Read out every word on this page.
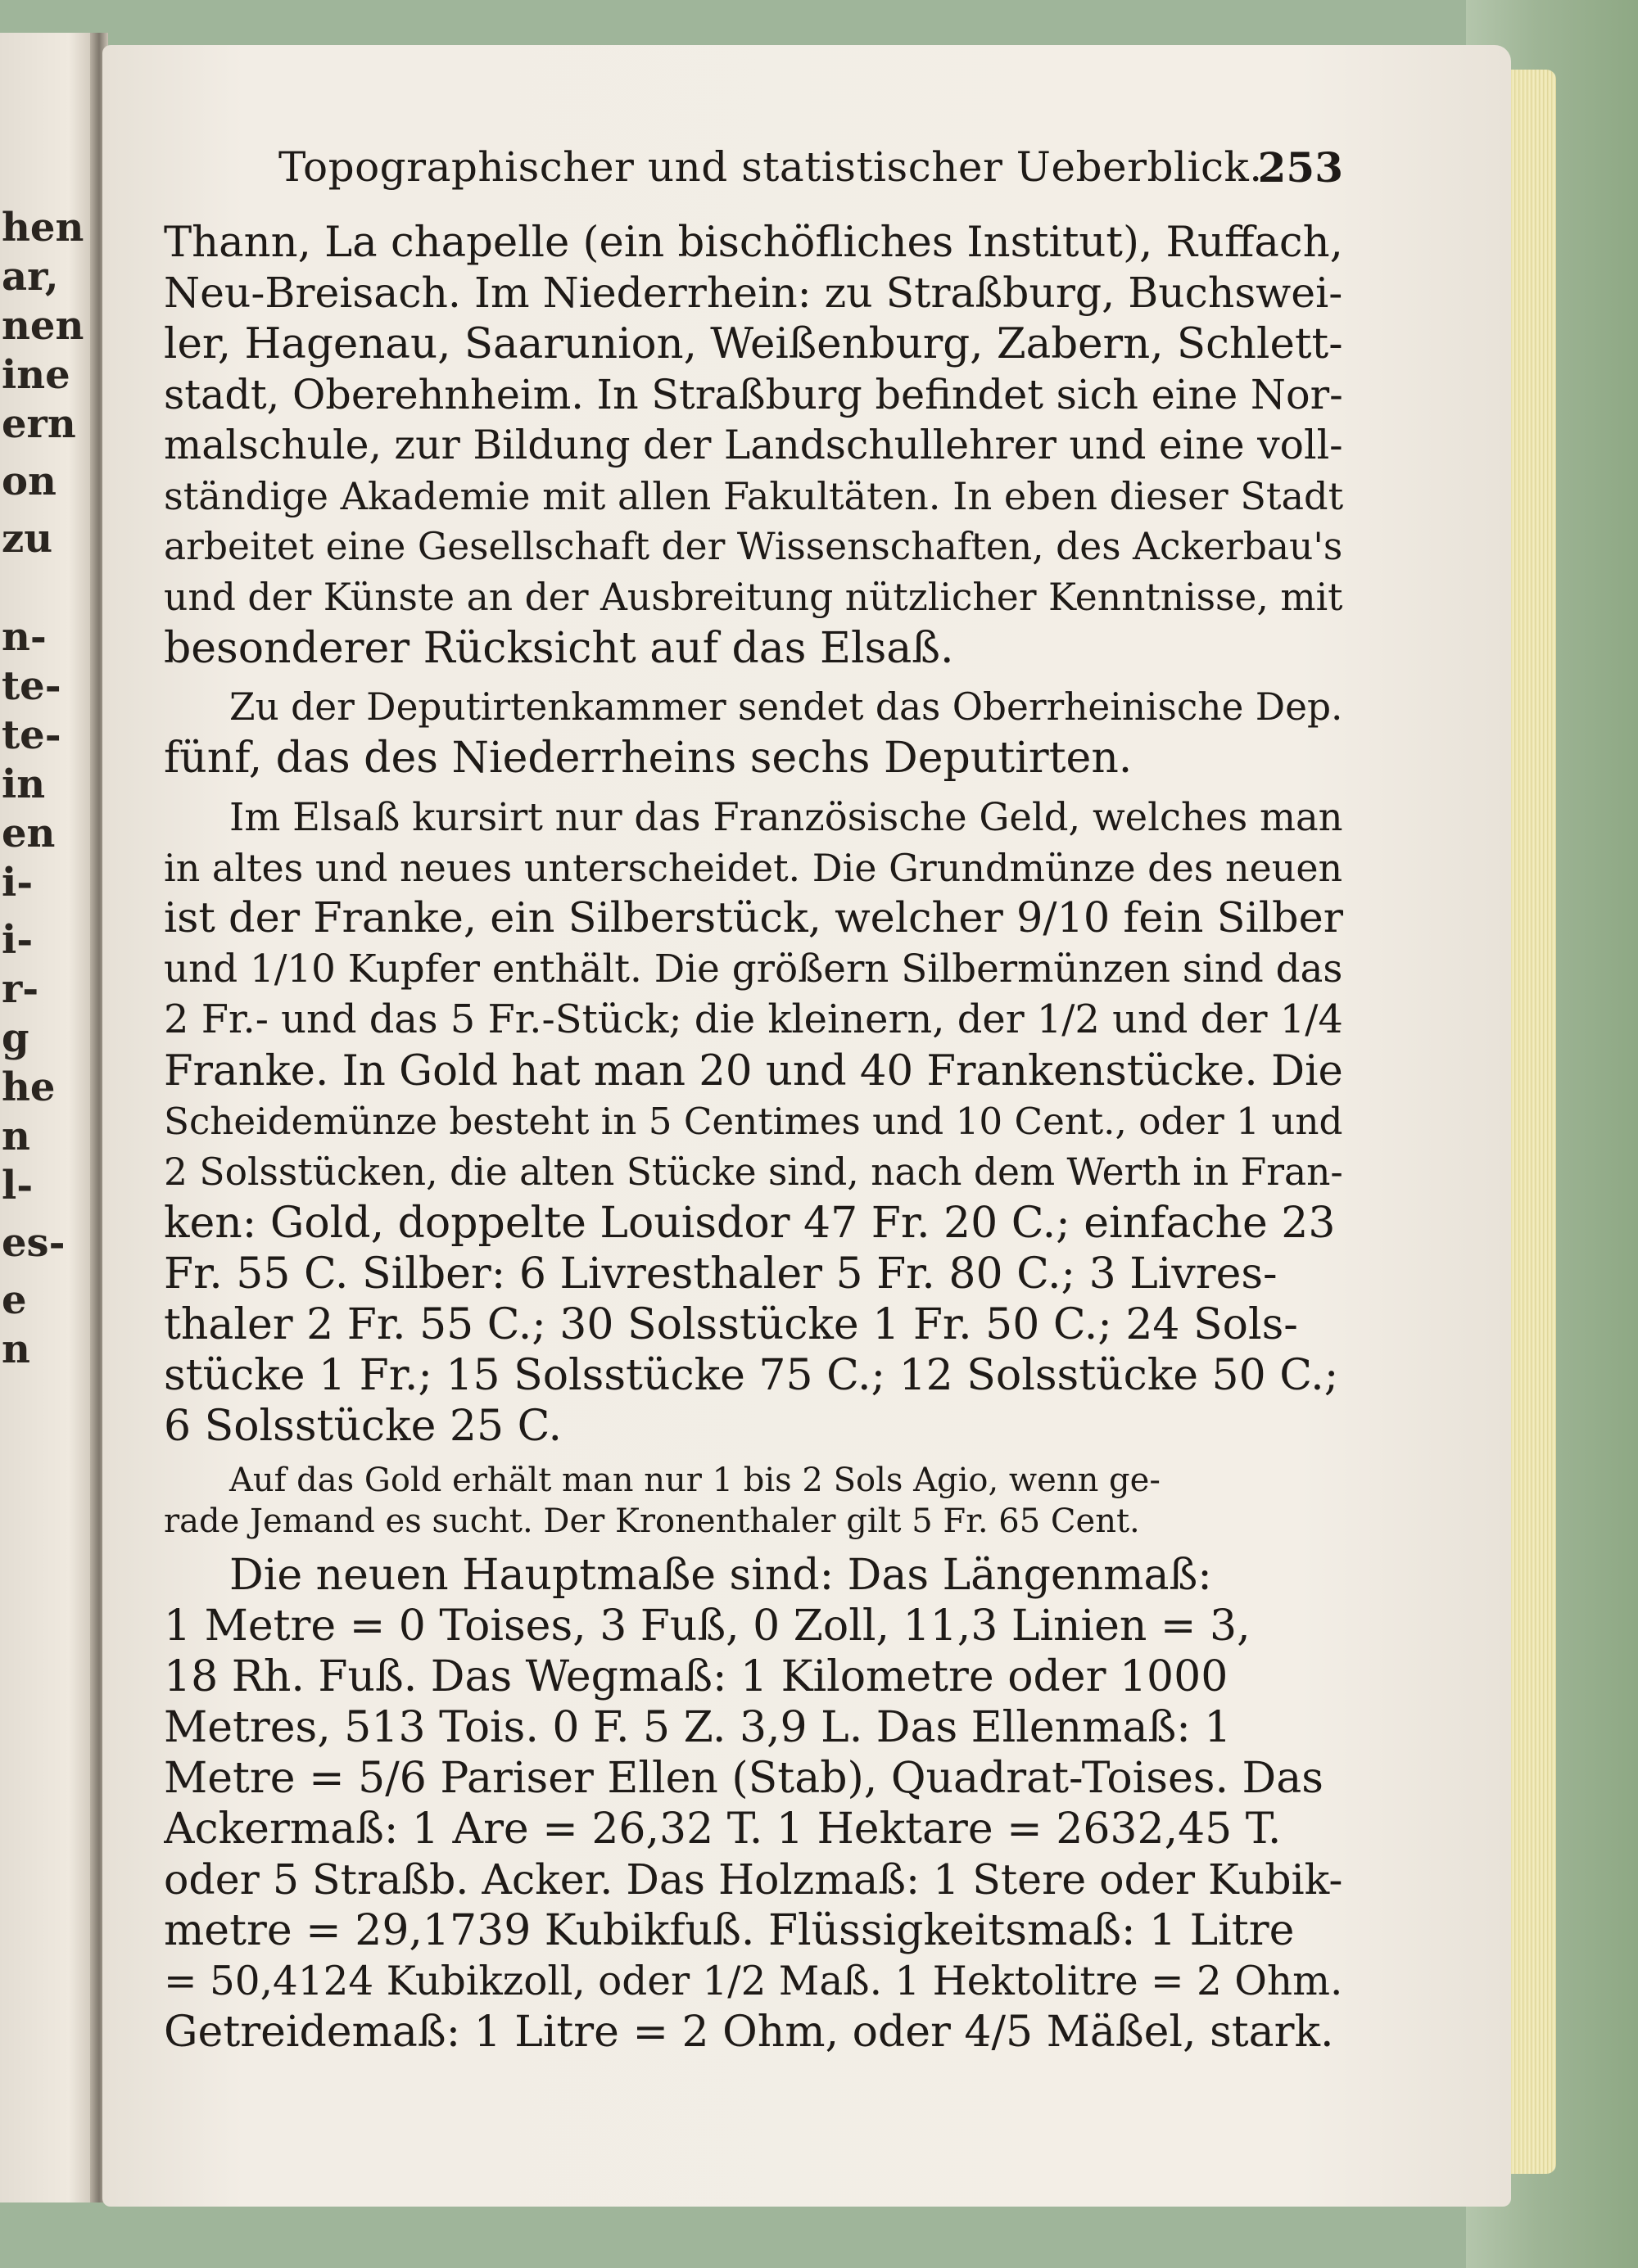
hen
ar,
nen
ine
ern
on
zu
n-
te-
te-
in
en
i-
i-
r-
g
he
n
l-
es-
e
n
Topographischer und statistischer Ueberblick.
253
Thann, La chapelle (ein bischöfliches Institut), Ruffach,
Neu-Breisach. Im Niederrhein: zu Straßburg, Buchswei-
ler, Hagenau, Saarunion, Weißenburg, Zabern, Schlett-
stadt, Oberehnheim. In Straßburg befindet sich eine Nor-
malschule, zur Bildung der Landschullehrer und eine voll-
ständige Akademie mit allen Fakultäten. In eben dieser Stadt
arbeitet eine Gesellschaft der Wissenschaften, des Ackerbau's
und der Künste an der Ausbreitung nützlicher Kenntnisse, mit
besonderer Rücksicht auf das Elsaß.
Zu der Deputirtenkammer sendet das Oberrheinische Dep.
fünf, das des Niederrheins sechs Deputirten.
Im Elsaß kursirt nur das Französische Geld, welches man
in altes und neues unterscheidet. Die Grundmünze des neuen
ist der Franke, ein Silberstück, welcher 9/10 fein Silber
und 1/10 Kupfer enthält. Die größern Silbermünzen sind das
2 Fr.- und das 5 Fr.-Stück; die kleinern, der 1/2 und der 1/4
Franke. In Gold hat man 20 und 40 Frankenstücke. Die
Scheidemünze besteht in 5 Centimes und 10 Cent., oder 1 und
2 Solsstücken, die alten Stücke sind, nach dem Werth in Fran-
ken: Gold, doppelte Louisdor 47 Fr. 20 C.; einfache 23
Fr. 55 C. Silber: 6 Livresthaler 5 Fr. 80 C.; 3 Livres-
thaler 2 Fr. 55 C.; 30 Solsstücke 1 Fr. 50 C.; 24 Sols-
stücke 1 Fr.; 15 Solsstücke 75 C.; 12 Solsstücke 50 C.;
6 Solsstücke 25 C.
Auf das Gold erhält man nur 1 bis 2 Sols Agio, wenn ge-
rade Jemand es sucht. Der Kronenthaler gilt 5 Fr. 65 Cent.
Die neuen Hauptmaße sind: Das Längenmaß:
1 Metre = 0 Toises, 3 Fuß, 0 Zoll, 11,3 Linien = 3,
18 Rh. Fuß. Das Wegmaß: 1 Kilometre oder 1000
Metres, 513 Tois. 0 F. 5 Z. 3,9 L. Das Ellenmaß: 1
Metre = 5/6 Pariser Ellen (Stab), Quadrat-Toises. Das
Ackermaß: 1 Are = 26,32 T. 1 Hektare = 2632,45 T.
oder 5 Straßb. Acker. Das Holzmaß: 1 Stere oder Kubik-
metre = 29,1739 Kubikfuß. Flüssigkeitsmaß: 1 Litre
= 50,4124 Kubikzoll, oder 1/2 Maß. 1 Hektolitre = 2 Ohm.
Getreidemaß: 1 Litre = 2 Ohm, oder 4/5 Mäßel, stark.
